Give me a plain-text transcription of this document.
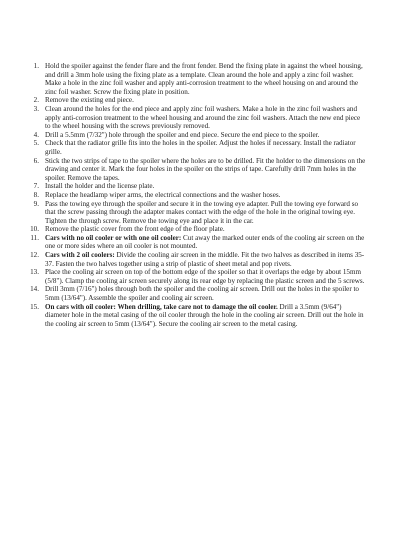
1. Hold the spoiler against the fender flare and the front fender. Bend the fixing plate in against the wheel housing, and drill a 3mm hole using the fixing plate as a template. Clean around the hole and apply a zinc foil washer. Make a hole in the zinc foil washer and apply anti-corrosion treatment to the wheel housing on and around the zinc foil washer. Screw the fixing plate in position.
2. Remove the existing end piece.
3. Clean around the holes for the end piece and apply zinc foil washers. Make a hole in the zinc foil washers and apply anti-corrosion treatment to the wheel housing and around the zinc foil washers. Attach the new end piece to the wheel housing with the screws previously removed.
4. Drill a 5.5mm (7/32") hole through the spoiler and end piece. Secure the end piece to the spoiler.
5. Check that the radiator grille fits into the holes in the spoiler. Adjust the holes if necessary. Install the radiator grille.
6. Stick the two strips of tape to the spoiler where the holes are to be drilled. Fit the holder to the dimensions on the drawing and center it. Mark the four holes in the spoiler on the strips of tape. Carefully drill 7mm holes in the spoiler. Remove the tapes.
7. Install the holder and the license plate.
8. Replace the headlamp wiper arms, the electrical connections and the washer hoses.
9. Pass the towing eye through the spoiler and secure it in the towing eye adapter. Pull the towing eye forward so that the screw passing through the adapter makes contact with the edge of the hole in the original towing eye. Tighten the through screw. Remove the towing eye and place it in the car.
10. Remove the plastic cover from the front edge of the floor plate.
11. Cars with no oil cooler or with one oil cooler: Cut away the marked outer ends of the cooling air screen on the one or more sides where an oil cooler is not mounted.
12. Cars with 2 oil coolers: Divide the cooling air screen in the middle. Fit the two halves as described in items 35-37. Fasten the two halves together using a strip of plastic of sheet metal and pop rivets.
13. Place the cooling air screen on top of the bottom edge of the spoiler so that it overlaps the edge by about 15mm (5/8"). Clamp the cooling air screen securely along its rear edge by replacing the plastic screen and the 5 screws.
14. Drill 3mm (7/16") holes through both the spoiler and the cooling air screen. Drill out the holes in the spoiler to 5mm (13/64"). Assemble the spoiler and cooling air screen.
15. On cars with oil cooler: When drilling, take care not to damage the oil cooler. Drill a 3.5mm (9/64") diameter hole in the metal casing of the oil cooler through the hole in the cooling air screen. Drill out the hole in the cooling air screen to 5mm (13/64"). Secure the cooling air screen to the metal casing.
